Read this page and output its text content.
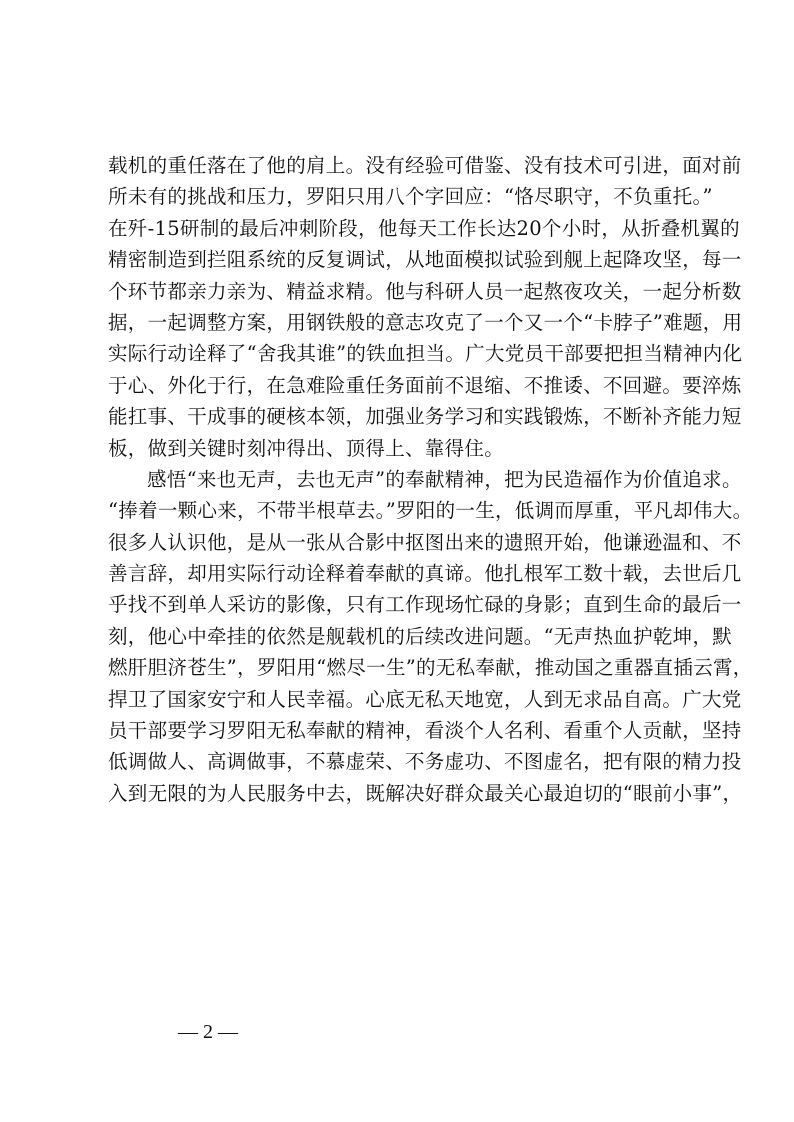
载机的重任落在了他的肩上。没有经验可借鉴、没有技术可引进，面对前
所未有的挑战和压力，罗阳只用八个字回应：“恪尽职守，不负重托。”
在歼-15研制的最后冲刺阶段，他每天工作长达20个小时，从折叠机翼的
精密制造到拦阻系统的反复调试，从地面模拟试验到舰上起降攻坚，每一
个环节都亲力亲为、精益求精。他与科研人员一起熬夜攻关，一起分析数
据，一起调整方案，用钢铁般的意志攻克了一个又一个“卡脖子”难题，用
实际行动诠释了“舍我其谁”的铁血担当。广大党员干部要把担当精神内化
于心、外化于行，在急难险重任务面前不退缩、不推诿、不回避。要淬炼
能扛事、干成事的硬核本领，加强业务学习和实践锻炼，不断补齐能力短
板，做到关键时刻冲得出、顶得上、靠得住。
感悟“来也无声，去也无声”的奉献精神，把为民造福作为价值追求。
“捧着一颗心来，不带半根草去。”罗阳的一生，低调而厚重，平凡却伟大。
很多人认识他，是从一张从合影中抠图出来的遗照开始，他谦逊温和、不
善言辞，却用实际行动诠释着奉献的真谛。他扎根军工数十载，去世后几
乎找不到单人采访的影像，只有工作现场忙碌的身影；直到生命的最后一
刻，他心中牵挂的依然是舰载机的后续改进问题。“无声热血护乾坤，默
燃肝胆济苍生”，罗阳用“燃尽一生”的无私奉献，推动国之重器直插云霄，
捍卫了国家安宁和人民幸福。心底无私天地宽，人到无求品自高。广大党
员干部要学习罗阳无私奉献的精神，看淡个人名利、看重个人贡献，坚持
低调做人、高调做事，不慕虚荣、不务虚功、不图虚名，把有限的精力投
入到无限的为人民服务中去，既解决好群众最关心最迫切的“眼前小事”，
— 2 —
